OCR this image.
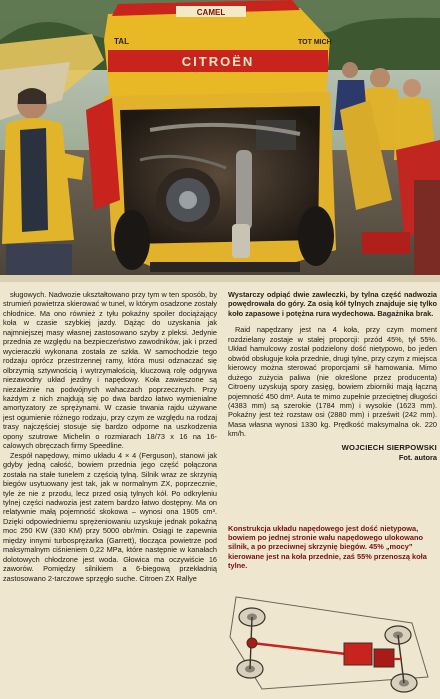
CAMEL
CITROËN
TAL	TOT MICH

sługowych. Nadwozie ukształtowano przy tym w ten sposób, by strumień powietrza skierować w tunel, w którym osadzone zostały chłodnice. Ma ono również z tyłu pokaźny spoiler dociążający koła w czasie szybkiej jazdy. Dążąc do uzyskania jak najmniejszej masy własnej zastosowano szyby z pleksi. Jedynie przednia ze względu na bezpieczeństwo zawodników, jak i przed wycieraczki wykonana została ze szkła. W samochodzie tego rodzaju oprócz przestrzennej ramy, która musi odznaczać się olbrzymią sztywnością i wytrzymałością, kluczową rolę odgrywa niezawodny układ jezdny i napędowy. Koła zawieszone są niezależnie na podwójnych wahaczach poprzecznych. Przy każdym z nich znajdują się po dwa bardzo łatwo wymienialne amortyzatory ze sprężynami. W czasie trwania rajdu używane jest ogumienie różnego rodzaju, przy czym ze względu na rodzaj trasy najczęściej stosuje się bardzo odporne na uszkodzenia opony szutrowe Michelin o rozmiarach 18/73 x 16 na 16-calowych obręczach firmy Speedline.

Zespół napędowy, mimo układu 4 × 4 (Ferguson), stanowi jak gdyby jedną całość, bowiem przednia jego część połączona została na stałe tunelem z częścią tylną. Silnik wraz ze skrzynią biegów usytuowany jest tak, jak w normalnym ZX, poprzecznie, tyle że nie z przodu, lecz przed osią tylnych kół. Po odkryleniu tylnej części nadwozia jest zatem bardzo łatwo dostępny. Ma on relatywnie małą pojemność skokowa – wynosi ona 1905 cm³. Dzięki odpowiedniemu sprężeniowaniu uzyskuje jednak pokaźną moc 250 KW (330 KM) przy 5000 obr/min. Osiągi te zapewnia między innymi turbosprężarka (Garrett), tłocząca powietrze pod maksymalnym ciśnieniem 0,22 MPa, które następnie w kanałach dolotowych chłodzone jest woda. Głowica ma oczywiście 16 zaworów. Pomiędzy silnikiem a 6-biegową przekładnią zastosowano 2-tarczowe sprzęgło suche. Citroen ZX Rallye

Wystarczy odpiąć dwie zawleczki, by tylna część nadwozia powędrowała do góry. Za osią kół tylnych znajduje się tylko koło zapasowe i potężna rura wydechowa. Bagażnika brak.

Raid napędzany jest na 4 koła, przy czym moment rozdzielany zostaje w stałej proporcji: przód 45%, tył 55%. Układ hamulcowy został podzielony dość nietypowo, bo jeden obwód obsługuje koła przednie, drugi tylne, przy czym z miejsca kierowcy można sterować proporcjami sił hamowania. Mimo dużego zużycia paliwa (nie określone przez producenta) Citroeny uzyskują spory zasięg, bowiem zbiorniki mają łączną pojemność 450 dm³. Auta te mimo zupełnie przeciętnej długości (4383 mm) są szerokie (1784 mm) i wysokie (1623 mm). Pokaźny jest też rozstaw osi (2880 mm) i prześwit (242 mm). Masa własna wynosi 1330 kg. Prędkość maksymalna ok. 220 km/h.

WOJCIECH SIERPOWSKI
Fot. autora
Konstrukcja układu napędowego jest dość nietypowa, bowiem po jednej stronie wału napędowego ulokowano silnik, a po przeciwnej skrzynię biegów. 45% „mocy” kierowane jest na koła przednie, zaś 55% przenoszą koła tylne.
